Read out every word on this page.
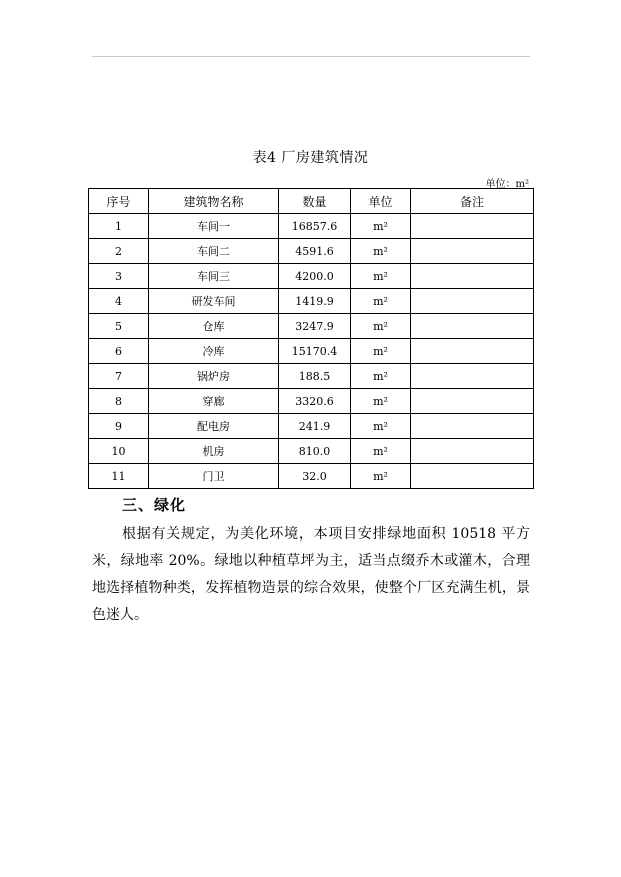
表4 厂房建筑情况
单位：m²
序号	建筑物名称	数量	单位	备注
1	车间一	16857.6	m²	
2	车间二	4591.6	m²	
3	车间三	4200.0	m²	
4	研发车间	1419.9	m²	
5	仓库	3247.9	m²	
6	冷库	15170.4	m²	
7	锅炉房	188.5	m²	
8	穿廊	3320.6	m²	
9	配电房	241.9	m²	
10	机房	810.0	m²	
11	门卫	32.0	m²	
三、绿化

根据有关规定，为美化环境，本项目安排绿地面积 10518 平方米，绿地率 20%。绿地以种植草坪为主，适当点缀乔木或灌木，合理地选择植物种类，发挥植物造景的综合效果，使整个厂区充满生机，景色迷人。
